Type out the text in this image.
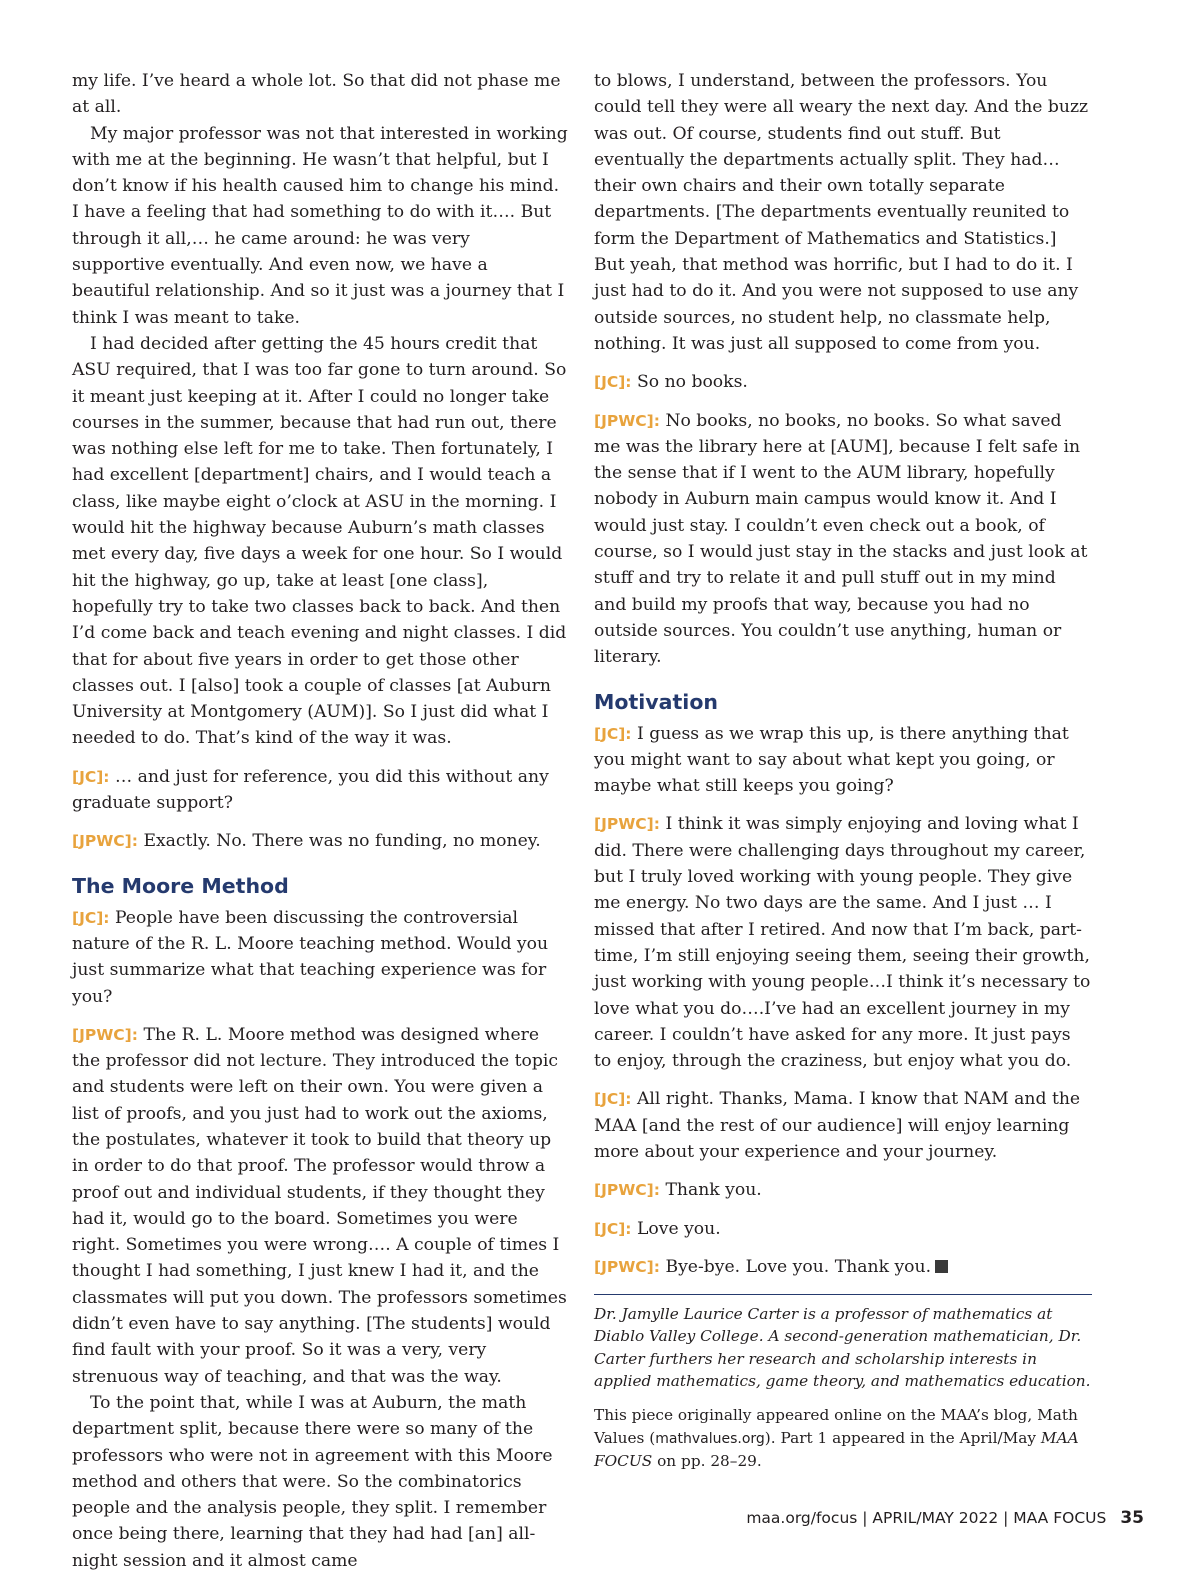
my life. I’ve heard a whole lot. So that did not phase me at all.

My major professor was not that interested in working with me at the beginning. He wasn’t that helpful, but I don’t know if his health caused him to change his mind. I have a feeling that had something to do with it…. But through it all,… he came around: he was very supportive eventually. And even now, we have a beautiful relationship. And so it just was a journey that I think I was meant to take.

I had decided after getting the 45 hours credit that ASU required, that I was too far gone to turn around. So it meant just keeping at it. After I could no longer take courses in the summer, because that had run out, there was nothing else left for me to take. Then fortunately, I had excellent [department] chairs, and I would teach a class, like maybe eight o’clock at ASU in the morning. I would hit the highway because Auburn’s math classes met every day, five days a week for one hour. So I would hit the highway, go up, take at least [one class], hopefully try to take two classes back to back. And then I’d come back and teach evening and night classes. I did that for about five years in order to get those other classes out. I [also] took a couple of classes [at Auburn University at Montgomery (AUM)]. So I just did what I needed to do. That’s kind of the way it was.

[JC]: … and just for reference, you did this without any graduate support?

[JPWC]: Exactly. No. There was no funding, no money.

The Moore Method

[JC]: People have been discussing the controversial nature of the R. L. Moore teaching method. Would you just summarize what that teaching experience was for you?

[JPWC]: The R. L. Moore method was designed where the professor did not lecture. They introduced the topic and students were left on their own. You were given a list of proofs, and you just had to work out the axioms, the postulates, whatever it took to build that theory up in order to do that proof. The professor would throw a proof out and individual students, if they thought they had it, would go to the board. Sometimes you were right. Sometimes you were wrong…. A couple of times I thought I had something, I just knew I had it, and the classmates will put you down. The professors sometimes didn’t even have to say anything. [The students] would find fault with your proof. So it was a very, very strenuous way of teaching, and that was the way.

To the point that, while I was at Auburn, the math department split, because there were so many of the professors who were not in agreement with this Moore method and others that were. So the combinatorics people and the analysis people, they split. I remember once being there, learning that they had had [an] all-night session and it almost came

to blows, I understand, between the professors. You could tell they were all weary the next day. And the buzz was out. Of course, students find out stuff. But eventually the departments actually split. They had…their own chairs and their own totally separate departments. [The departments eventually reunited to form the Department of Mathematics and Statistics.] But yeah, that method was horrific, but I had to do it. I just had to do it. And you were not supposed to use any outside sources, no student help, no classmate help, nothing. It was just all supposed to come from you.

[JC]: So no books.

[JPWC]: No books, no books, no books. So what saved me was the library here at [AUM], because I felt safe in the sense that if I went to the AUM library, hopefully nobody in Auburn main campus would know it. And I would just stay. I couldn’t even check out a book, of course, so I would just stay in the stacks and just look at stuff and try to relate it and pull stuff out in my mind and build my proofs that way, because you had no outside sources. You couldn’t use anything, human or literary.

Motivation

[JC]: I guess as we wrap this up, is there anything that you might want to say about what kept you going, or maybe what still keeps you going?

[JPWC]: I think it was simply enjoying and loving what I did. There were challenging days throughout my career, but I truly loved working with young people. They give me energy. No two days are the same. And I just … I missed that after I retired. And now that I’m back, part-time, I’m still enjoying seeing them, seeing their growth, just working with young people…I think it’s necessary to love what you do….I’ve had an excellent journey in my career. I couldn’t have asked for any more. It just pays to enjoy, through the craziness, but enjoy what you do.

[JC]: All right. Thanks, Mama. I know that NAM and the MAA [and the rest of our audience] will enjoy learning more about your experience and your journey.

[JPWC]: Thank you.

[JC]: Love you.

[JPWC]: Bye-bye. Love you. Thank you.

Dr. Jamylle Laurice Carter is a professor of mathematics at Diablo Valley College. A second-generation mathematician, Dr. Carter furthers her research and scholarship interests in applied mathematics, game theory, and mathematics education.

This piece originally appeared online on the MAA’s blog, Math Values (mathvalues.org). Part 1 appeared in the April/May MAA FOCUS on pp. 28–29.

maa.org/focus | APRIL/MAY 2022 | MAA FOCUS 35
